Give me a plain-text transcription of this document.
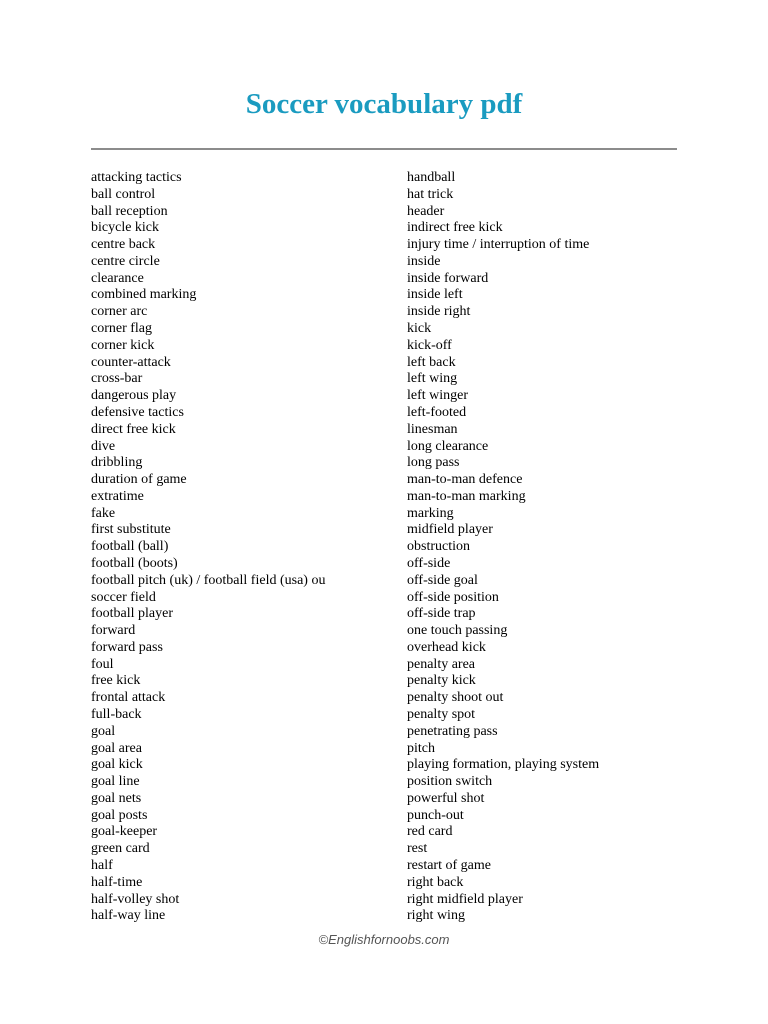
Soccer vocabulary pdf
attacking tactics
ball control
ball reception
bicycle kick
centre back
centre circle
clearance
combined marking
corner arc
corner flag
corner kick
counter-attack
cross-bar
dangerous play
defensive tactics
direct free kick
dive
dribbling
duration of game
extratime
fake
first substitute
football (ball)
football (boots)
football pitch (uk) / football field (usa) ou
soccer field
football player
forward
forward pass
foul
free kick
frontal attack
full-back
goal
goal area
goal kick
goal line
goal nets
goal posts
goal-keeper
green card
half
half-time
half-volley shot
half-way line
handball
hat trick
header
indirect free kick
injury time / interruption of time
inside
inside forward
inside left
inside right
kick
kick-off
left back
left wing
left winger
left-footed
linesman
long clearance
long pass
man-to-man defence
man-to-man marking
marking
midfield player
obstruction
off-side
off-side goal
off-side position
off-side trap
one touch passing
overhead kick
penalty area
penalty kick
penalty shoot out
penalty spot
penetrating pass
pitch
playing formation, playing system
position switch
powerful shot
punch-out
red card
rest
restart of game
right back
right midfield player
right wing
©Englishfornoobs.com
